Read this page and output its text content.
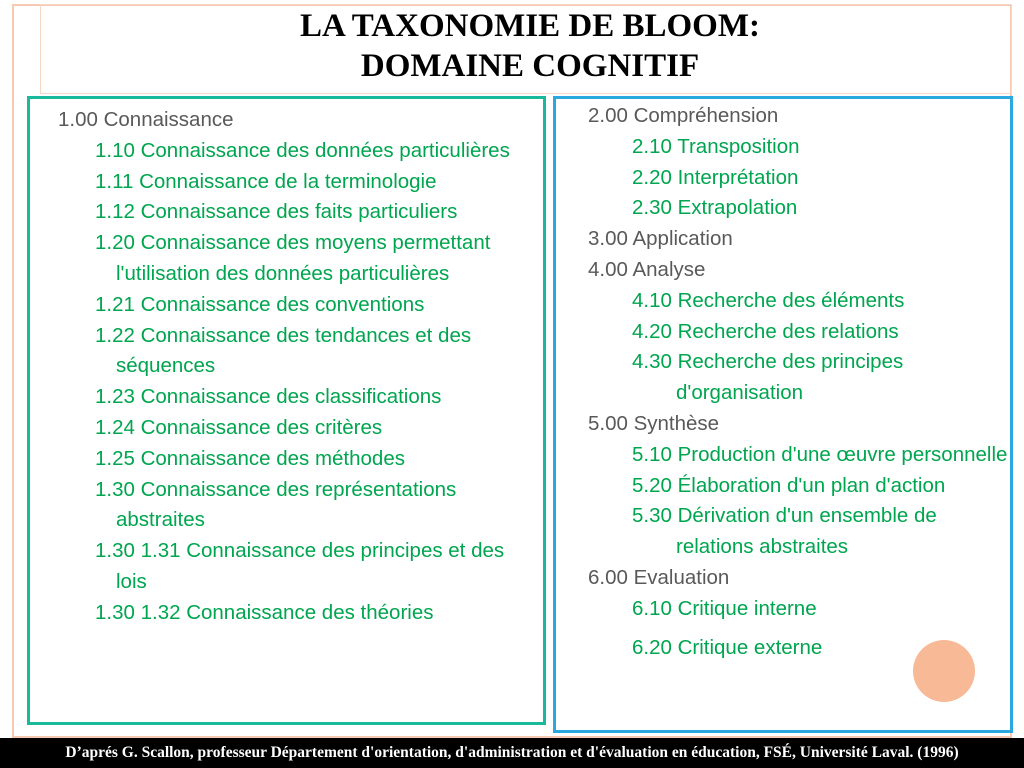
LA TAXONOMIE DE BLOOM:
DOMAINE COGNITIF
1.00 Connaissance
1.10 Connaissance des données particulières
1.11 Connaissance de la terminologie
1.12 Connaissance des faits particuliers
1.20 Connaissance des moyens permettant l'utilisation des données particulières
1.21 Connaissance des conventions
1.22 Connaissance des tendances et des séquences
1.23 Connaissance des classifications
1.24 Connaissance des critères
1.25 Connaissance des méthodes
1.30 Connaissance des représentations abstraites
1.30 1.31 Connaissance des principes et des lois
1.30 1.32 Connaissance des théories
2.00 Compréhension
2.10 Transposition
2.20 Interprétation
2.30 Extrapolation
3.00 Application
4.00 Analyse
4.10 Recherche des éléments
4.20 Recherche des relations
4.30 Recherche des principes d'organisation
5.00 Synthèse
5.10 Production d'une œuvre personnelle
5.20 Élaboration d'un plan d'action
5.30 Dérivation d'un ensemble de relations abstraites
6.00 Evaluation
6.10 Critique interne
6.20 Critique externe
D’aprés G. Scallon, professeur Département d'orientation, d'administration et d'évaluation en éducation, FSÉ, Université Laval. (1996)
